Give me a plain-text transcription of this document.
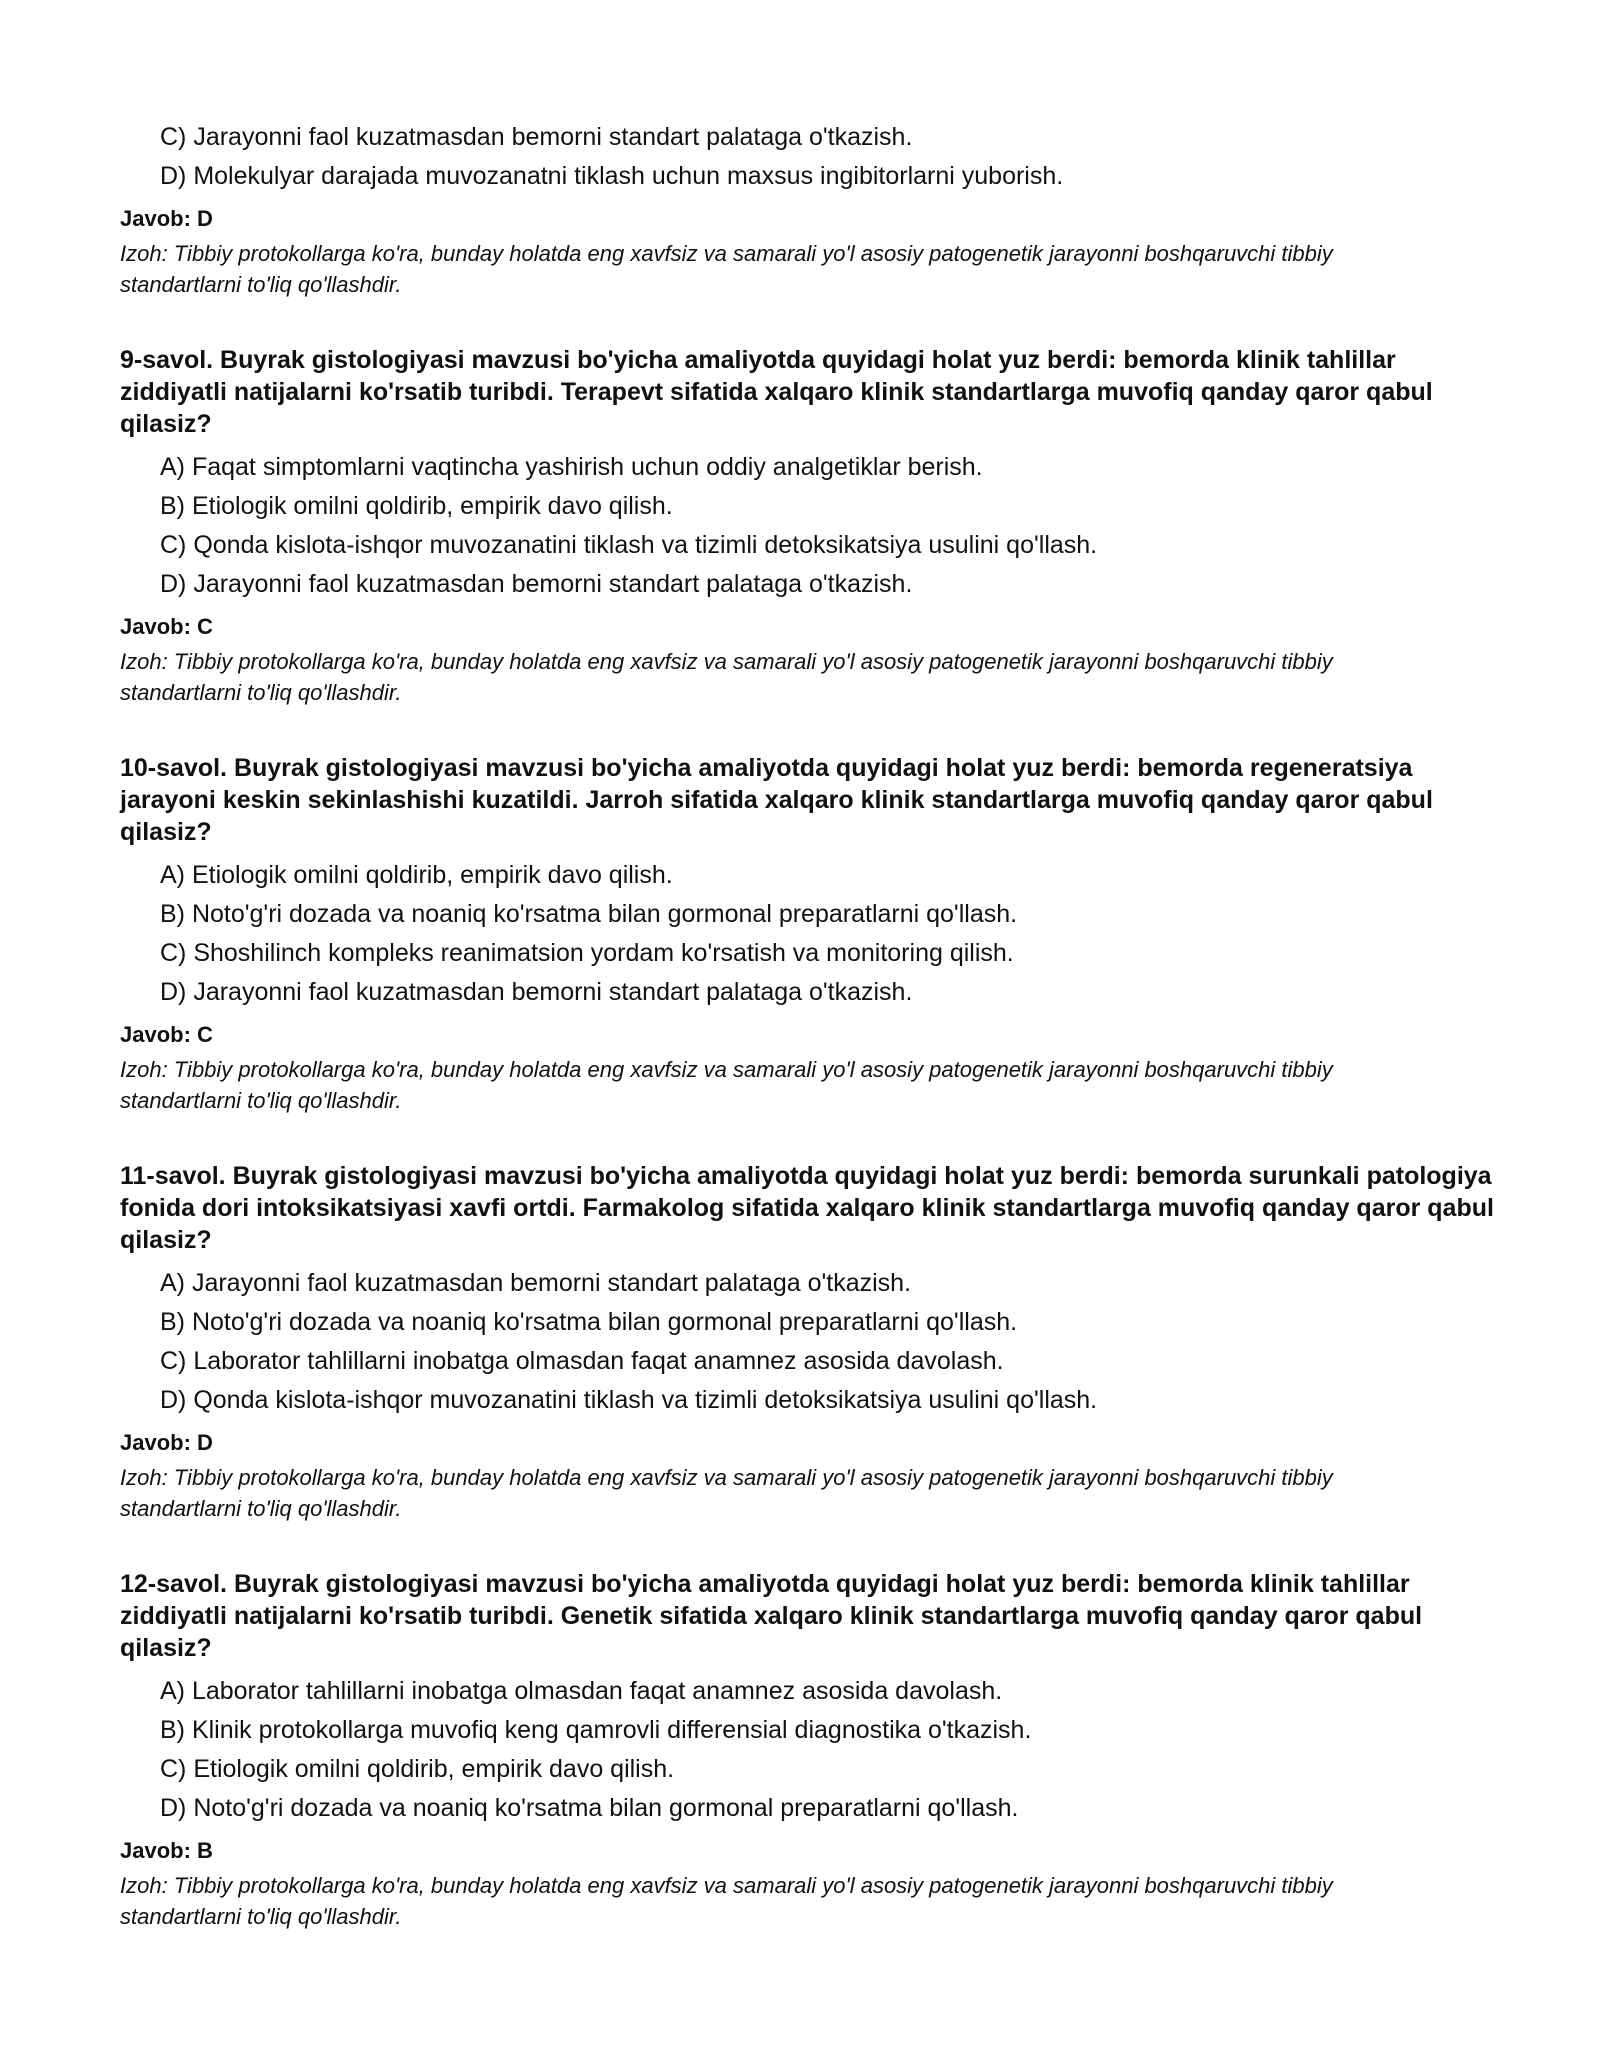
C) Jarayonni faol kuzatmasdan bemorni standart palataga o'tkazish.
D) Molekulyar darajada muvozanatni tiklash uchun maxsus ingibitorlarni yuborish.
Javob: D
Izoh: Tibbiy protokollarga ko'ra, bunday holatda eng xavfsiz va samarali yo'l asosiy patogenetik jarayonni boshqaruvchi tibbiy standartlarni to'liq qo'llashdir.
9-savol. Buyrak gistologiyasi mavzusi bo'yicha amaliyotda quyidagi holat yuz berdi: bemorda klinik tahlillar ziddiyatli natijalarni ko'rsatib turibdi. Terapevt sifatida xalqaro klinik standartlarga muvofiq qanday qaror qabul qilasiz?
A) Faqat simptomlarni vaqtincha yashirish uchun oddiy analgetiklar berish.
B) Etiologik omilni qoldirib, empirik davo qilish.
C) Qonda kislota-ishqor muvozanatini tiklash va tizimli detoksikatsiya usulini qo'llash.
D) Jarayonni faol kuzatmasdan bemorni standart palataga o'tkazish.
Javob: C
Izoh: Tibbiy protokollarga ko'ra, bunday holatda eng xavfsiz va samarali yo'l asosiy patogenetik jarayonni boshqaruvchi tibbiy standartlarni to'liq qo'llashdir.
10-savol. Buyrak gistologiyasi mavzusi bo'yicha amaliyotda quyidagi holat yuz berdi: bemorda regeneratsiya jarayoni keskin sekinlashishi kuzatildi. Jarroh sifatida xalqaro klinik standartlarga muvofiq qanday qaror qabul qilasiz?
A) Etiologik omilni qoldirib, empirik davo qilish.
B) Noto'g'ri dozada va noaniq ko'rsatma bilan gormonal preparatlarni qo'llash.
C) Shoshilinch kompleks reanimatsion yordam ko'rsatish va monitoring qilish.
D) Jarayonni faol kuzatmasdan bemorni standart palataga o'tkazish.
Javob: C
Izoh: Tibbiy protokollarga ko'ra, bunday holatda eng xavfsiz va samarali yo'l asosiy patogenetik jarayonni boshqaruvchi tibbiy standartlarni to'liq qo'llashdir.
11-savol. Buyrak gistologiyasi mavzusi bo'yicha amaliyotda quyidagi holat yuz berdi: bemorda surunkali patologiya fonida dori intoksikatsiyasi xavfi ortdi. Farmakolog sifatida xalqaro klinik standartlarga muvofiq qanday qaror qabul qilasiz?
A) Jarayonni faol kuzatmasdan bemorni standart palataga o'tkazish.
B) Noto'g'ri dozada va noaniq ko'rsatma bilan gormonal preparatlarni qo'llash.
C) Laborator tahlillarni inobatga olmasdan faqat anamnez asosida davolash.
D) Qonda kislota-ishqor muvozanatini tiklash va tizimli detoksikatsiya usulini qo'llash.
Javob: D
Izoh: Tibbiy protokollarga ko'ra, bunday holatda eng xavfsiz va samarali yo'l asosiy patogenetik jarayonni boshqaruvchi tibbiy standartlarni to'liq qo'llashdir.
12-savol. Buyrak gistologiyasi mavzusi bo'yicha amaliyotda quyidagi holat yuz berdi: bemorda klinik tahlillar ziddiyatli natijalarni ko'rsatib turibdi. Genetik sifatida xalqaro klinik standartlarga muvofiq qanday qaror qabul qilasiz?
A) Laborator tahlillarni inobatga olmasdan faqat anamnez asosida davolash.
B) Klinik protokollarga muvofiq keng qamrovli differensial diagnostika o'tkazish.
C) Etiologik omilni qoldirib, empirik davo qilish.
D) Noto'g'ri dozada va noaniq ko'rsatma bilan gormonal preparatlarni qo'llash.
Javob: B
Izoh: Tibbiy protokollarga ko'ra, bunday holatda eng xavfsiz va samarali yo'l asosiy patogenetik jarayonni boshqaruvchi tibbiy standartlarni to'liq qo'llashdir.
